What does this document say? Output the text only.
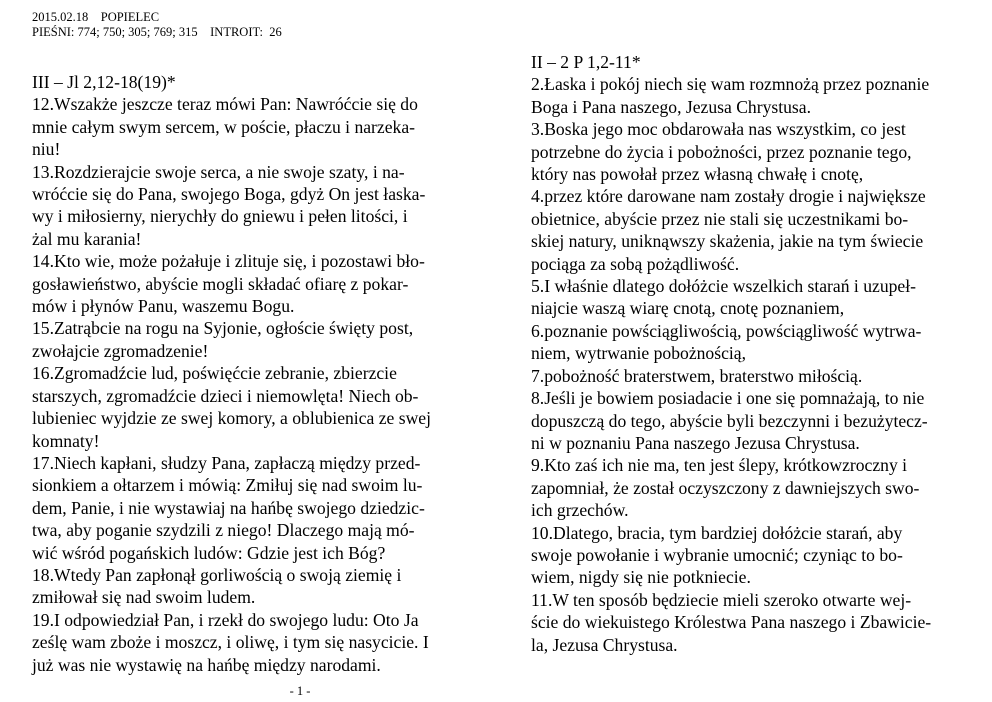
2015.02.18    POPIELEC
PIEŚNI: 774; 750; 305; 769; 315    INTROIT:  26
III – Jl 2,12-18(19)*
12.Wszakże jeszcze teraz mówi Pan: Nawróćcie się do
mnie całym swym sercem, w poście, płaczu i narzeka-
niu!
13.Rozdzierajcie swoje serca, a nie swoje szaty, i na-
wróćcie się do Pana, swojego Boga, gdyż On jest łaska-
wy i miłosierny, nierychły do gniewu i pełen litości, i
żal mu karania!
14.Kto wie, może pożałuje i zlituje się, i pozostawi bło-
gosławieństwo, abyście mogli składać ofiarę z pokar-
mów i płynów Panu, waszemu Bogu.
15.Zatrąbcie na rogu na Syjonie, ogłoście święty post,
zwołajcie zgromadzenie!
16.Zgromadźcie lud, poświęćcie zebranie, zbierzcie
starszych, zgromadźcie dzieci i niemowlęta! Niech ob-
lubieniec wyjdzie ze swej komory, a oblubienica ze swej
komnaty!
17.Niech kapłani, słudzy Pana, zapłaczą między przed-
sionkiem a ołtarzem i mówią: Zmiłuj się nad swoim lu-
dem, Panie, i nie wystawiaj na hańbę swojego dziedzic-
twa, aby poganie szydzili z niego! Dlaczego mają mó-
wić wśród pogańskich ludów: Gdzie jest ich Bóg?
18.Wtedy Pan zapłonął gorliwością o swoją ziemię i
zmiłował się nad swoim ludem.
19.I odpowiedział Pan, i rzekł do swojego ludu: Oto Ja
ześlę wam zboże i moszcz, i oliwę, i tym się nasycicie. I
już was nie wystawię na hańbę między narodami.
II – 2 P 1,2-11*
2.Łaska i pokój niech się wam rozmnożą przez poznanie
Boga i Pana naszego, Jezusa Chrystusa.
3.Boska jego moc obdarowała nas wszystkim, co jest
potrzebne do życia i pobożności, przez poznanie tego,
który nas powołał przez własną chwałę i cnotę,
4.przez które darowane nam zostały drogie i największe
obietnice, abyście przez nie stali się uczestnikami bo-
skiej natury, uniknąwszy skażenia, jakie na tym świecie
pociąga za sobą pożądliwość.
5.I właśnie dlatego dołóżcie wszelkich starań i uzupeł-
niajcie waszą wiarę cnotą, cnotę poznaniem,
6.poznanie powściągliwością, powściągliwość wytrwa-
niem, wytrwanie pobożnością,
7.pobożność braterstwem, braterstwo miłością.
8.Jeśli je bowiem posiadacie i one się pomnażają, to nie
dopuszczą do tego, abyście byli bezczynni i bezużytecz-
ni w poznaniu Pana naszego Jezusa Chrystusa.
9.Kto zaś ich nie ma, ten jest ślepy, krótkowzroczny i
zapomniał, że został oczyszczony z dawniejszych swo-
ich grzechów.
10.Dlatego, bracia, tym bardziej dołóżcie starań, aby
swoje powołanie i wybranie umocnić; czyniąc to bo-
wiem, nigdy się nie potkniecie.
11.W ten sposób będziecie mieli szeroko otwarte wej-
ście do wiekuistego Królestwa Pana naszego i Zbawicie-
la, Jezusa Chrystusa.
- 1 -
